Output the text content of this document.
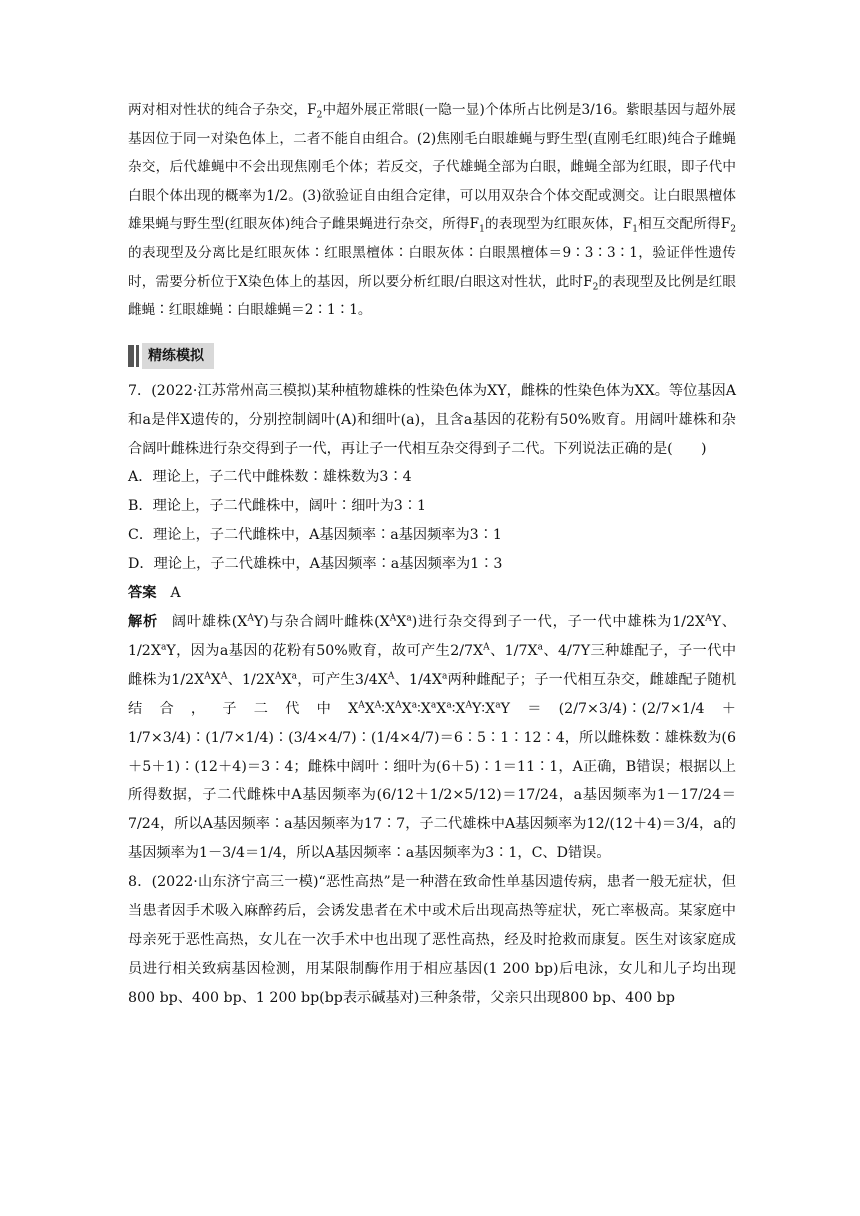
两对相对性状的纯合子杂交，$F_2$中超外展正常眼(一隐一显)个体所占比例是3/16。紫眼基因与超外展基因位于同一对染色体上，二者不能自由组合。(2)焦刚毛白眼雄蝇与野生型(直刚毛红眼)纯合子雌蝇杂交，后代雄蝇中不会出现焦刚毛个体；若反交，子代雄蝇全部为白眼，雌蝇全部为红眼，即子代中白眼个体出现的概率为1/2。(3)欲验证自由组合定律，可以用双杂合个体交配或测交。让白眼黑檀体雄果蝇与野生型(红眼灰体)纯合子雌果蝇进行杂交，所得$F_1$的表现型为红眼灰体，$F_1$相互交配所得$F_2$的表现型及分离比是红眼灰体∶红眼黑檀体∶白眼灰体∶白眼黑檀体＝9∶3∶3∶1，验证伴性遗传时，需要分析位于X染色体上的基因，所以要分析红眼/白眼这对性状，此时$F_2$的表现型及比例是红眼雌蝇∶红眼雄蝇∶白眼雄蝇＝2∶1∶1。

精练模拟

7．(2022·江苏常州高三模拟)某种植物雄株的性染色体为XY，雌株的性染色体为XX。等位基因A和a是伴X遗传的，分别控制阔叶(A)和细叶(a)，且含a基因的花粉有50%败育。用阔叶雄株和杂合阔叶雌株进行杂交得到子一代，再让子一代相互杂交得到子二代。下列说法正确的是(　　)

A．理论上，子二代中雌株数∶雄株数为3∶4

B．理论上，子二代雌株中，阔叶∶细叶为3∶1

C．理论上，子二代雌株中，A基因频率∶a基因频率为3∶1

D．理论上，子二代雄株中，A基因频率∶a基因频率为1∶3

答案 A

解析 阔叶雄株$(X^AY)$与杂合阔叶雌株$(X^AX^a)$进行杂交得到子一代，子一代中雄株为$1/2X^AY$、$1/2X^aY$，因为a基因的花粉有50%败育，故可产生$2/7X^A$、$1/7X^a$、4/7Y三种雄配子，子一代中雌株为$1/2X^AX^A$、$1/2X^AX^a$，可产生$3/4X^A$、$1/4X^a$两种雌配子；子一代相互杂交，雌雄配子随机结合，子二代中$X^AX^A∶X^AX^a∶X^aX^a∶X^AY∶X^aY=(2/7\times 3/4)∶(2/7\times 1/4+1/7\times 3/4)∶(1/7\times 1/4)∶(3/4\times 4/7)∶(1/4\times 4/7)=6∶5∶1∶12∶4$，所以雌株数∶雄株数为(6＋5＋1)∶(12＋4)＝3∶4；雌株中阔叶∶细叶为(6＋5)∶1＝11∶1，A正确，B错误；根据以上所得数据，子二代雌株中A基因频率为(6/12＋1/2×5/12)＝17/24，a基因频率为1－17/24＝7/24，所以A基因频率∶a基因频率为17∶7，子二代雄株中A基因频率为12/(12＋4)＝3/4，a的基因频率为1－3/4＝1/4，所以A基因频率∶a基因频率为3∶1，C、D错误。

8．(2022·山东济宁高三一模)“恶性高热”是一种潜在致命性单基因遗传病，患者一般无症状，但当患者因手术吸入麻醉药后，会诱发患者在术中或术后出现高热等症状，死亡率极高。某家庭中母亲死于恶性高热，女儿在一次手术中也出现了恶性高热，经及时抢救而康复。医生对该家庭成员进行相关致病基因检测，用某限制酶作用于相应基因(1 200 bp)后电泳，女儿和儿子均出现800 bp、400 bp、1 200 bp(bp表示碱基对)三种条带，父亲只出现800 bp、400 bp
